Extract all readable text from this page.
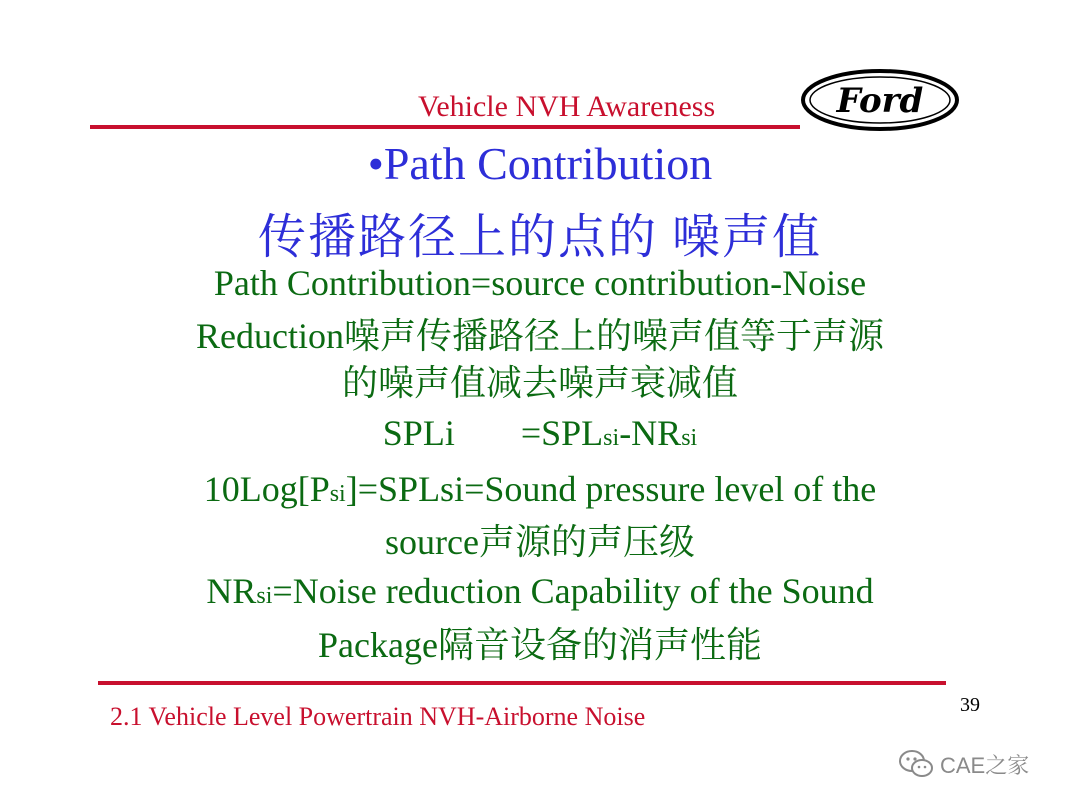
Vehicle NVH Awareness	Ford
•Path Contribution
传播路径上的点的 噪声值
Path Contribution=source contribution-Noise
Reduction噪声传播路径上的噪声值等于声源
的噪声值减去噪声衰减值
SPLi =SPLsi-NRsi
10Log[Psi]=SPLsi=Sound pressure level of the
source声源的声压级
NRsi=Noise reduction Capability of the Sound
Package隔音设备的消声性能
2.1 Vehicle Level Powertrain NVH-Airborne Noise	39
CAE之家
